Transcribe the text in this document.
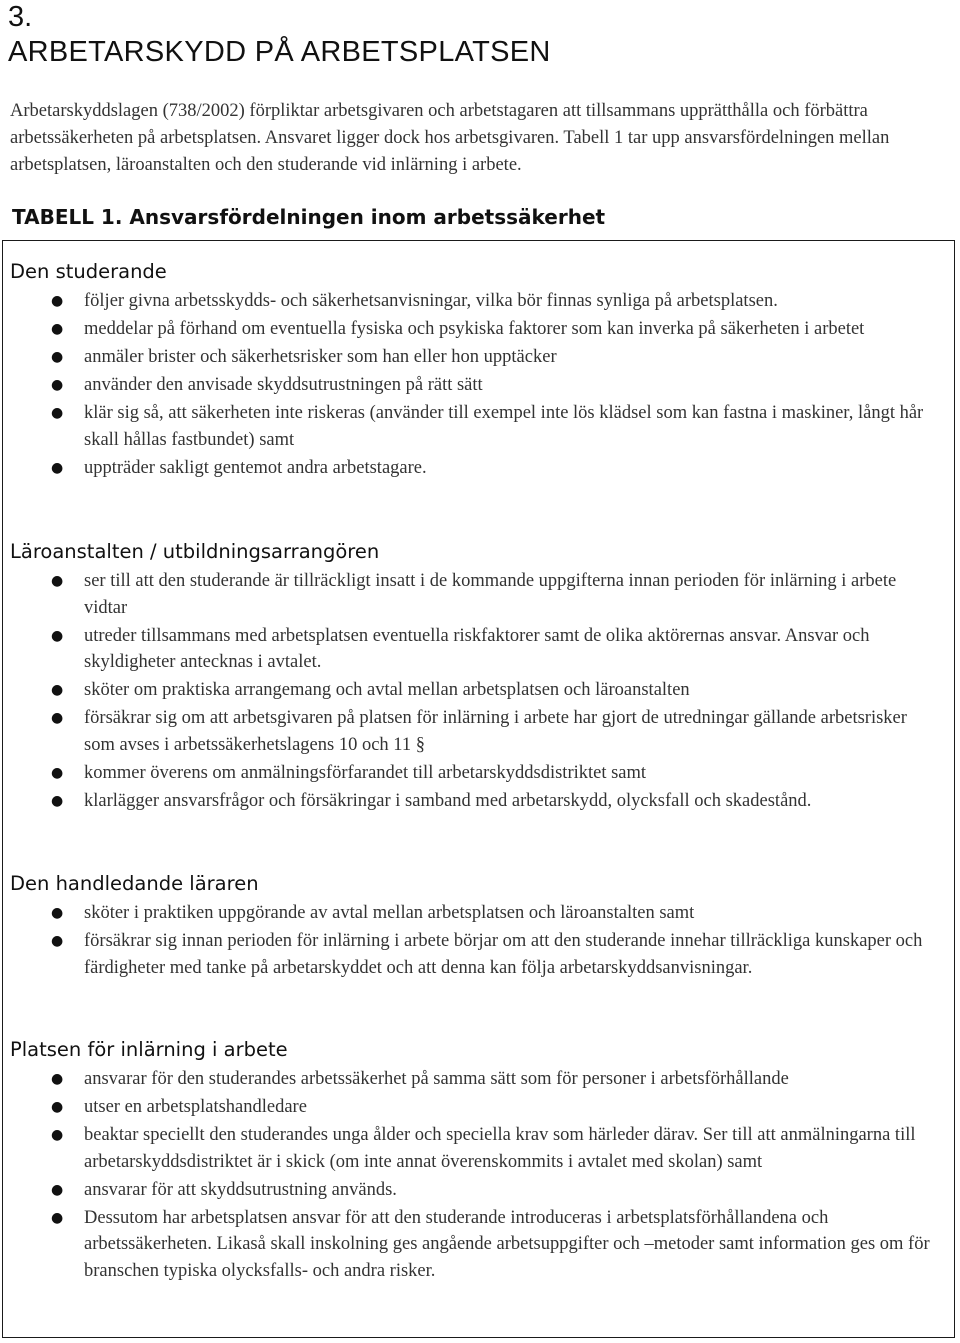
3.
ARBETARSKYDD PÅ ARBETSPLATSEN

Arbetarskyddslagen (738/2002) förpliktar arbetsgivaren och arbetstagaren att tillsammans upprätthålla och förbättra arbetssäkerheten på arbetsplatsen. Ansvaret ligger dock hos arbetsgivaren. Tabell 1 tar upp ansvarsfördelningen mellan arbetsplatsen, läroanstalten och den studerande vid inlärning i arbete.

TABELL 1. Ansvarsfördelningen inom arbetssäkerhet
Den studerande
● följer givna arbetsskydds- och säkerhetsanvisningar, vilka bör finnas synliga på arbetsplatsen.
● meddelar på förhand om eventuella fysiska och psykiska faktorer som kan inverka på säkerheten i arbetet
● anmäler brister och säkerhetsrisker som han eller hon upptäcker
● använder den anvisade skyddsutrustningen på rätt sätt
● klär sig så, att säkerheten inte riskeras (använder till exempel inte lös klädsel som kan fastna i maskiner, långt hår skall hållas fastbundet) samt
● uppträder sakligt gentemot andra arbetstagare.
Läroanstalten / utbildningsarrangören
● ser till att den studerande är tillräckligt insatt i de kommande uppgifterna innan perioden för inlärning i arbete vidtar
● utreder tillsammans med arbetsplatsen eventuella riskfaktorer samt de olika aktörernas ansvar. Ansvar och skyldigheter antecknas i avtalet.
● sköter om praktiska arrangemang och avtal mellan arbetsplatsen och läroanstalten
● försäkrar sig om att arbetsgivaren på platsen för inlärning i arbete har gjort de utredningar gällande arbetsrisker som avses i arbetssäkerhetslagens 10 och 11 §
● kommer överens om anmälningsförfarandet till arbetarskyddsdistriktet samt
● klarlägger ansvarsfrågor och försäkringar i samband med arbetarskydd, olycksfall och skadestånd.
Den handledande läraren
● sköter i praktiken uppgörande av avtal mellan arbetsplatsen och läroanstalten samt
● försäkrar sig innan perioden för inlärning i arbete börjar om att den studerande innehar tillräckliga kunskaper och färdigheter med tanke på arbetarskyddet och att denna kan följa arbetarskyddsanvisningar.
Platsen för inlärning i arbete
● ansvarar för den studerandes arbetssäkerhet på samma sätt som för personer i arbetsförhållande
● utser en arbetsplatshandledare
● beaktar speciellt den studerandes unga ålder och speciella krav som härleder därav. Ser till att anmälningarna till arbetarskyddsdistriktet är i skick (om inte annat överenskommits i avtalet med skolan) samt
● ansvarar för att skyddsutrustning används.
● Dessutom har arbetsplatsen ansvar för att den studerande introduceras i arbetsplatsförhållandena och arbetssäkerheten. Likaså skall inskolning ges angående arbetsuppgifter och –metoder samt information ges om för branschen typiska olycksfalls- och andra risker.
